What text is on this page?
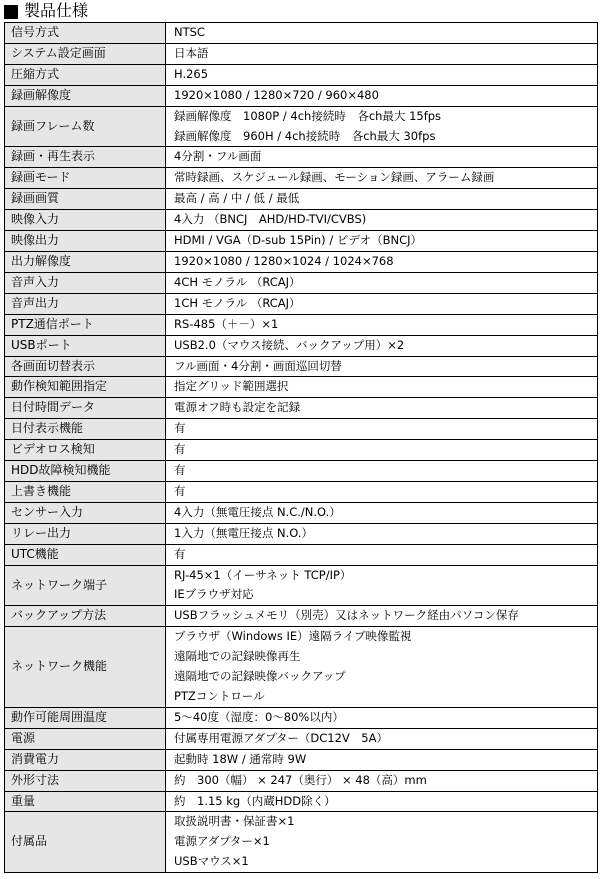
製品仕様
信号方式	NTSC

システム設定画面	日本語

圧縮方式	H.265

録画解像度	1920×1080 / 1280×720 / 960×480

録画フレーム数	録画解像度　1080P / 4ch接続時　各ch最大 15fps
録画解像度　960H / 4ch接続時　各ch最大 30fps

録画・再生表示	4分割・フル画面

録画モード	常時録画、スケジュール録画、モーション録画、アラーム録画

録画画質	最高 / 高 / 中 / 低 / 最低

映像入力	4入力 （BNCJ　AHD/HD-TVI/CVBS)

映像出力	HDMI / VGA（D-sub 15Pin) / ビデオ（BNCJ）

出力解像度	1920×1080 / 1280×1024 / 1024×768

音声入力	4CH モノラル （RCAJ）

音声出力	1CH モノラル （RCAJ）

PTZ通信ポート	RS-485（＋－）×1

USBポート	USB2.0（マウス接続、バックアップ用）×2

各画面切替表示	フル画面・4分割・画面巡回切替

動作検知範囲指定	指定グリッド範囲選択

日付時間データ	電源オフ時も設定を記録

日付表示機能	有

ビデオロス検知	有

HDD故障検知機能	有

上書き機能	有

センサー入力	4入力（無電圧接点 N.C./N.O.）

リレー出力	1入力（無電圧接点 N.O.）

UTC機能	有

ネットワーク端子	RJ-45×1（イーサネット TCP/IP）
IEブラウザ対応

バックアップ方法	USBフラッシュメモリ（別売）又はネットワーク経由パソコン保存

ネットワーク機能	ブラウザ（Windows IE）遠隔ライブ映像監視
遠隔地での記録映像再生
遠隔地での記録映像バックアップ
PTZコントロール

動作可能周囲温度	5～40度（湿度：0～80%以内）

電源	付属専用電源アダプター（DC12V　5A）

消費電力	起動時 18W / 通常時 9W

外形寸法	約　300（幅） × 247（奥行） × 48（高）mm

重量	約　1.15 kg（内蔵HDD除く）

付属品	取扱説明書・保証書×1
電源アダプター×1
USBマウス×1
